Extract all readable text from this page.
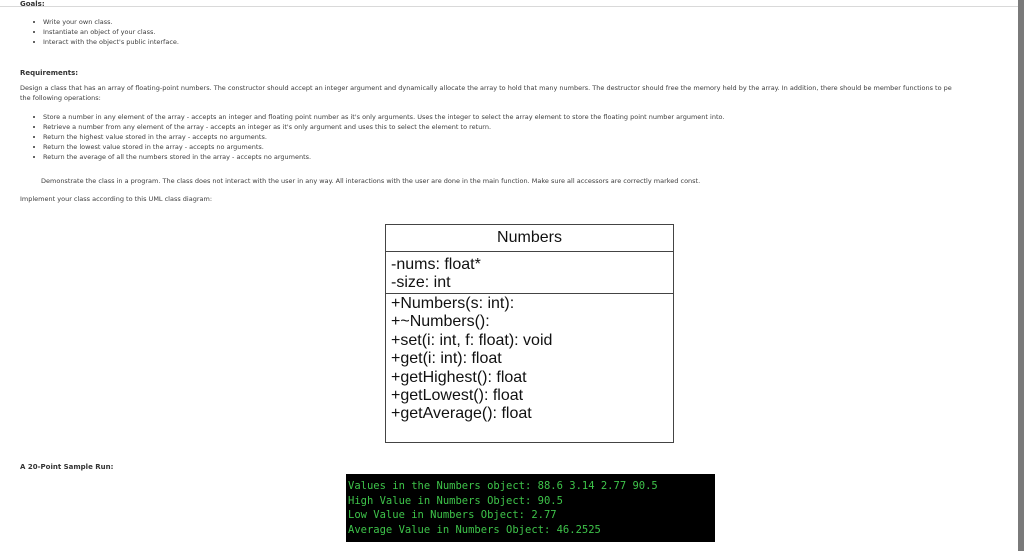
Goals:
Write your own class.
Instantiate an object of your class.
Interact with the object's public interface.
Requirements:
Design a class that has an array of floating-point numbers. The constructor should accept an integer argument and dynamically allocate the array to hold that many numbers. The destructor should free the memory held by the array. In addition, there should be member functions to pe
the following operations:
Store a number in any element of the array - accepts an integer and floating point number as it's only arguments. Uses the integer to select the array element to store the floating point number argument into.
Retrieve a number from any element of the array - accepts an integer as it's only argument and uses this to select the element to return.
Return the highest value stored in the array - accepts no arguments.
Return the lowest value stored in the array - accepts no arguments.
Return the average of all the numbers stored in the array - accepts no arguments.
Demonstrate the class in a program. The class does not interact with the user in any way. All interactions with the user are done in the main function. Make sure all accessors are correctly marked const.
Implement your class according to this UML class diagram:
Numbers
-nums: float*
-size: int
+Numbers(s: int):
+~Numbers():
+set(i: int, f: float): void
+get(i: int): float
+getHighest(): float
+getLowest(): float
+getAverage(): float
A 20-Point Sample Run:
Values in the Numbers object: 88.6 3.14 2.77 90.5
High Value in Numbers Object: 90.5
Low Value in Numbers Object: 2.77
Average Value in Numbers Object: 46.2525
